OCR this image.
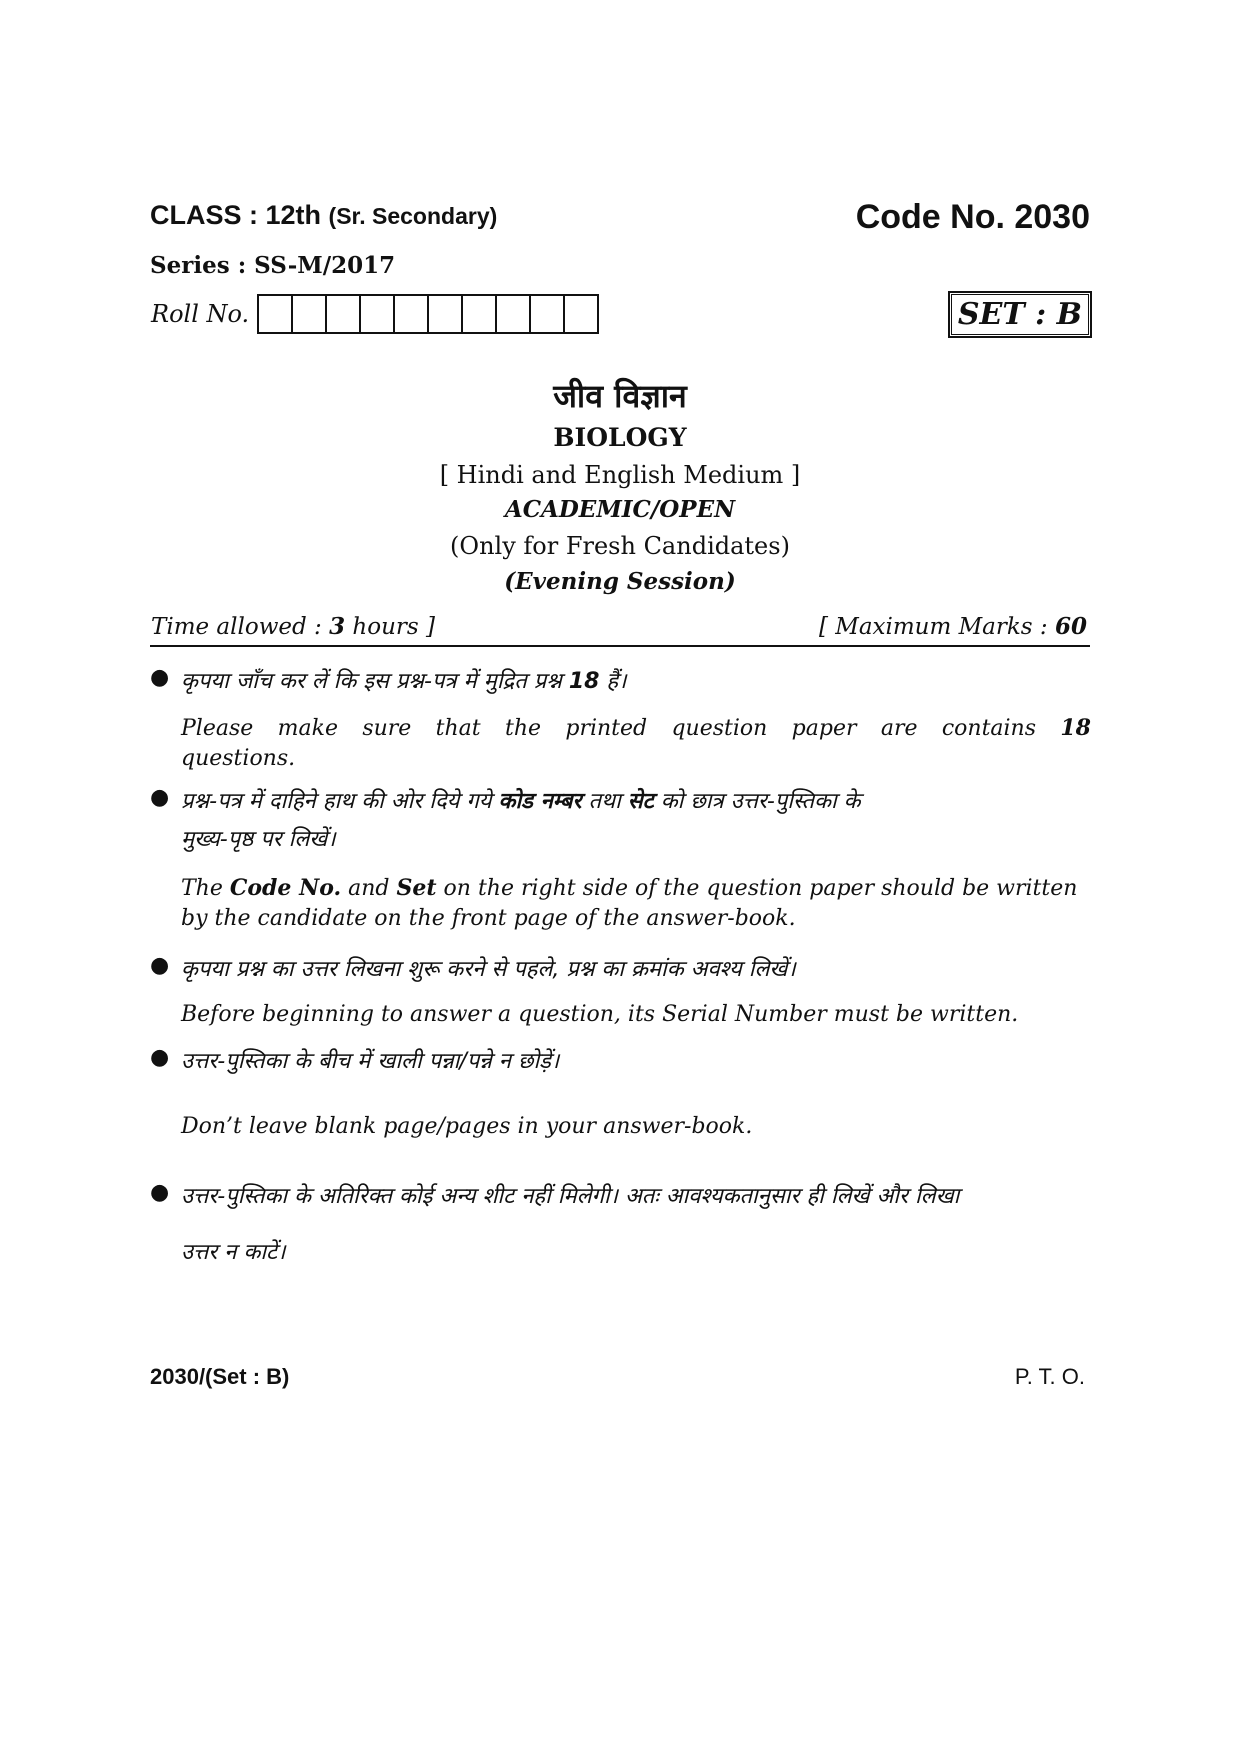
CLASS : 12th (Sr. Secondary)	Code No. 2030
Series : SS-M/2017
Roll No.	SET : B
जीव विज्ञान
BIOLOGY
[ Hindi and English Medium ]
ACADEMIC/OPEN
(Only for Fresh Candidates)
(Evening Session)
Time allowed : 3 hours ]	[ Maximum Marks : 60
● कृपया जाँच कर लें कि इस प्रश्न-पत्र में मुद्रित प्रश्न 18 हैं।
Please make sure that the printed question paper are contains 18 questions.
● प्रश्न-पत्र में दाहिने हाथ की ओर दिये गये कोड नम्बर तथा सेट को छात्र उत्तर-पुस्तिका के
मुख्य-पृष्ठ पर लिखें।
The Code No. and Set on the right side of the question paper should be written by the candidate on the front page of the answer-book.
● कृपया प्रश्न का उत्तर लिखना शुरू करने से पहले, प्रश्न का क्रमांक अवश्य लिखें।
Before beginning to answer a question, its Serial Number must be written.
● उत्तर-पुस्तिका के बीच में खाली पन्ना/पन्ने न छोड़ें।
Don’t leave blank page/pages in your answer-book.
● उत्तर-पुस्तिका के अतिरिक्त कोई अन्य शीट नहीं मिलेगी। अतः आवश्यकतानुसार ही लिखें और लिखा
उत्तर न काटें।
2030/(Set : B)	P. T. O.
